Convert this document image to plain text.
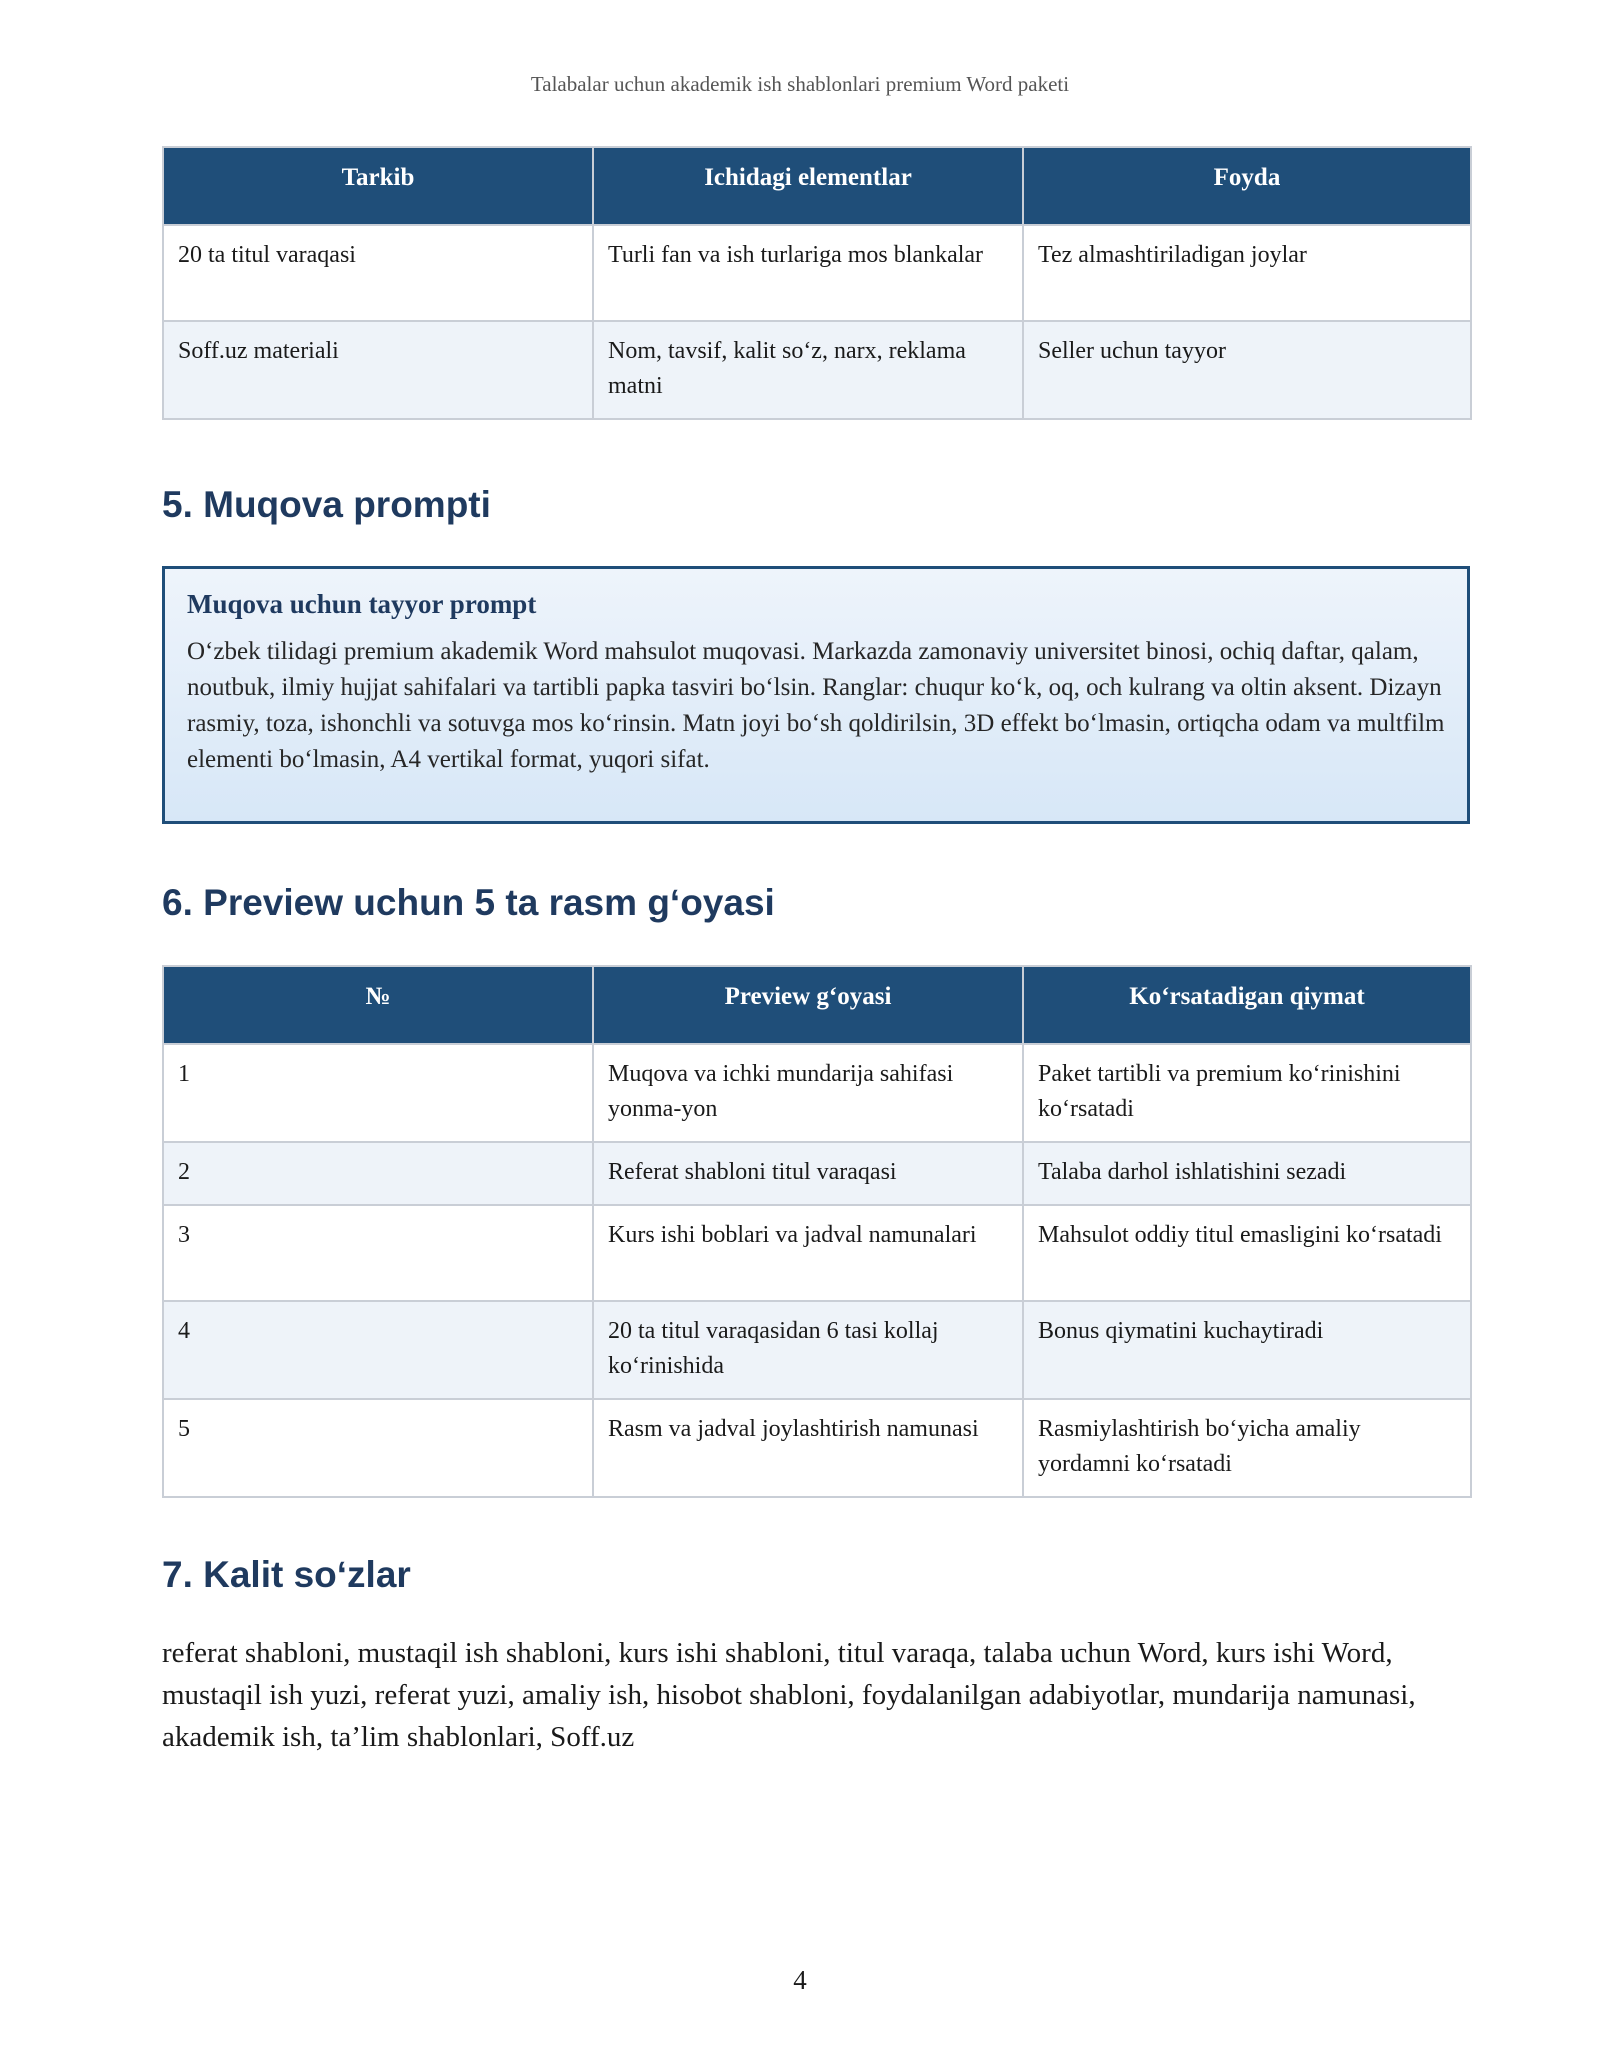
Talabalar uchun akademik ish shablonlari premium Word paketi
Tarkib	Ichidagi elementlar	Foyda
20 ta titul varaqasi	Turli fan va ish turlariga mos blankalar	Tez almashtiriladigan joylar
Soff.uz materiali	Nom, tavsif, kalit so‘z, narx, reklama matni	Seller uchun tayyor
5. Muqova prompti
Muqova uchun tayyor prompt
O‘zbek tilidagi premium akademik Word mahsulot muqovasi. Markazda zamonaviy universitet binosi, ochiq daftar, qalam, noutbuk, ilmiy hujjat sahifalari va tartibli papka tasviri bo‘lsin. Ranglar: chuqur ko‘k, oq, och kulrang va oltin aksent. Dizayn rasmiy, toza, ishonchli va sotuvga mos ko‘rinsin. Matn joyi bo‘sh qoldirilsin, 3D effekt bo‘lmasin, ortiqcha odam va multfilm elementi bo‘lmasin, A4 vertikal format, yuqori sifat.
6. Preview uchun 5 ta rasm g‘oyasi
№	Preview g‘oyasi	Ko‘rsatadigan qiymat
1	Muqova va ichki mundarija sahifasi yonma-yon	Paket tartibli va premium ko‘rinishini ko‘rsatadi
2	Referat shabloni titul varaqasi	Talaba darhol ishlatishini sezadi
3	Kurs ishi boblari va jadval namunalari	Mahsulot oddiy titul emasligini ko‘rsatadi
4	20 ta titul varaqasidan 6 tasi kollaj ko‘rinishida	Bonus qiymatini kuchaytiradi
5	Rasm va jadval joylashtirish namunasi	Rasmiylashtirish bo‘yicha amaliy yordamni ko‘rsatadi
7. Kalit so‘zlar
referat shabloni, mustaqil ish shabloni, kurs ishi shabloni, titul varaqa, talaba uchun Word, kurs ishi Word, mustaqil ish yuzi, referat yuzi, amaliy ish, hisobot shabloni, foydalanilgan adabiyotlar, mundarija namunasi, akademik ish, ta’lim shablonlari, Soff.uz
4
